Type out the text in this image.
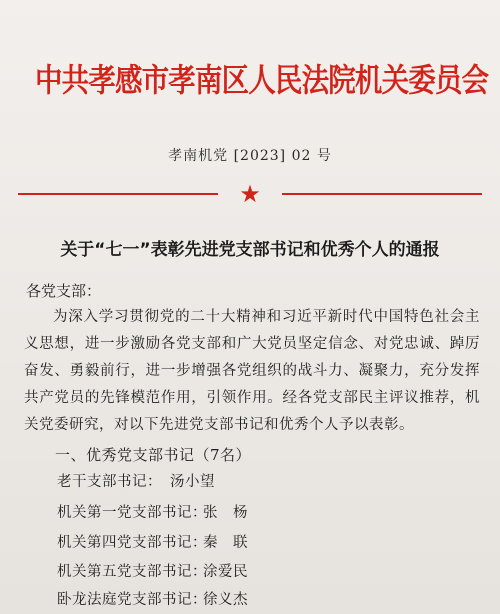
中共孝感市孝南区人民法院机关委员会
孝南机党 [2023] 02 号
★
关于“七一”表彰先进党支部书记和优秀个人的通报
各党支部：
为深入学习贯彻党的二十大精神和习近平新时代中国特色社会主义思想，进一步激励各党支部和广大党员坚定信念、对党忠诚、踔厉奋发、勇毅前行，进一步增强各党组织的战斗力、凝聚力，充分发挥共产党员的先锋模范作用，引领作用。经各党支部民主评议推荐，机关党委研究，对以下先进党支部书记和优秀个人予以表彰。
一、优秀党支部书记（7名）
老干支部书记： 汤小望
机关第一党支部书记：
张　杨
机关第四党支部书记：
秦　联
机关第五党支部书记：
涂爱民
卧龙法庭党支部书记：
徐义杰
